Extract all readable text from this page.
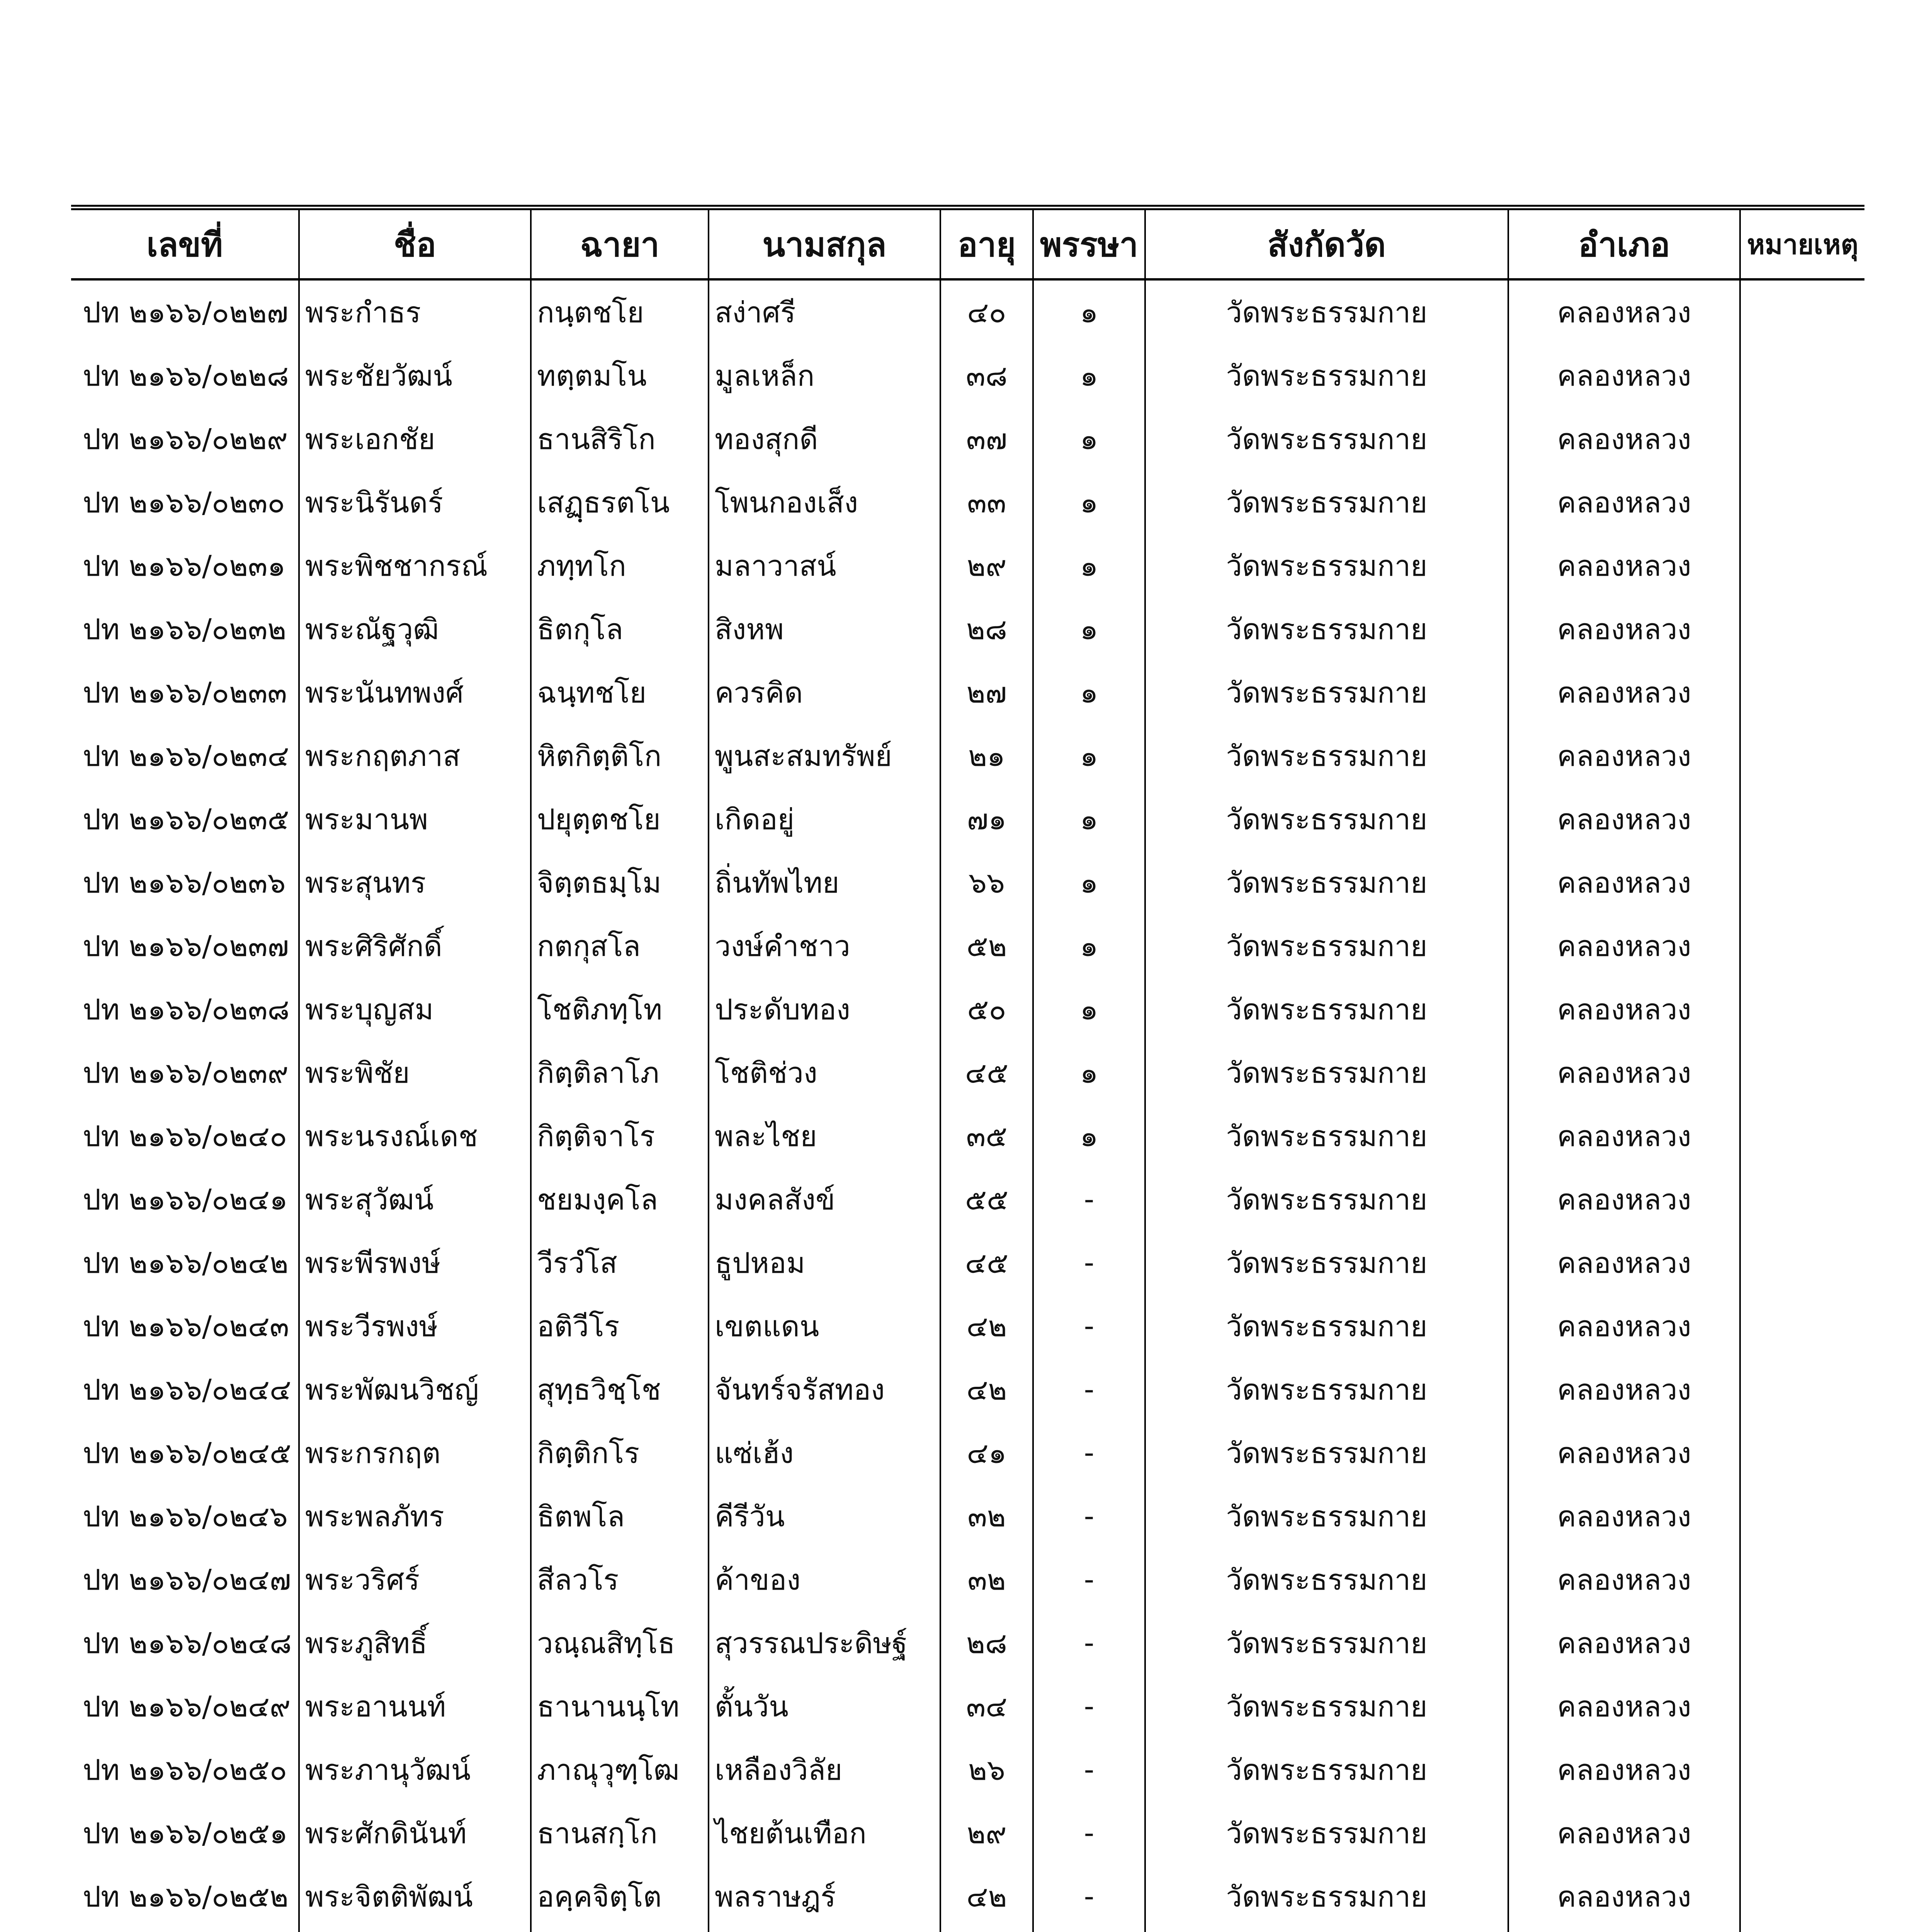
เลขที่	ชื่อ	ฉายา	นามสกุล	อายุ	พรรษา	สังกัดวัด	อำเภอ	หมายเหตุ
ปท ๒๑๖๖/๐๒๒๗	พระกำธร	กนฺตชโย	สง่าศรี	๔๐	๑	วัดพระธรรมกาย	คลองหลวง	
ปท ๒๑๖๖/๐๒๒๘	พระชัยวัฒน์	ทตฺตมโน	มูลเหล็ก	๓๘	๑	วัดพระธรรมกาย	คลองหลวง	
ปท ๒๑๖๖/๐๒๒๙	พระเอกชัย	ธานสิริโก	ทองสุกดี	๓๗	๑	วัดพระธรรมกาย	คลองหลวง	
ปท ๒๑๖๖/๐๒๓๐	พระนิรันดร์	เสฏฺธรตโน	โพนกองเส็ง	๓๓	๑	วัดพระธรรมกาย	คลองหลวง	
ปท ๒๑๖๖/๐๒๓๑	พระพิชชากรณ์	ภทฺทโก	มลาวาสน์	๒๙	๑	วัดพระธรรมกาย	คลองหลวง	
ปท ๒๑๖๖/๐๒๓๒	พระณัฐวุฒิ	ธิตกุโล	สิงหพ	๒๘	๑	วัดพระธรรมกาย	คลองหลวง	
ปท ๒๑๖๖/๐๒๓๓	พระนันทพงศ์	ฉนฺทชโย	ควรคิด	๒๗	๑	วัดพระธรรมกาย	คลองหลวง	
ปท ๒๑๖๖/๐๒๓๔	พระกฤตภาส	หิตกิตฺติโก	พูนสะสมทรัพย์	๒๑	๑	วัดพระธรรมกาย	คลองหลวง	
ปท ๒๑๖๖/๐๒๓๕	พระมานพ	ปยุตฺตชโย	เกิดอยู่	๗๑	๑	วัดพระธรรมกาย	คลองหลวง	
ปท ๒๑๖๖/๐๒๓๖	พระสุนทร	จิตฺตธมฺโม	ถิ่นทัพไทย	๖๖	๑	วัดพระธรรมกาย	คลองหลวง	
ปท ๒๑๖๖/๐๒๓๗	พระศิริศักดิ์	กตกุสโล	วงษ์คำชาว	๕๒	๑	วัดพระธรรมกาย	คลองหลวง	
ปท ๒๑๖๖/๐๒๓๘	พระบุญสม	โชติภทฺโท	ประดับทอง	๕๐	๑	วัดพระธรรมกาย	คลองหลวง	
ปท ๒๑๖๖/๐๒๓๙	พระพิชัย	กิตฺติลาโภ	โชติช่วง	๔๕	๑	วัดพระธรรมกาย	คลองหลวง	
ปท ๒๑๖๖/๐๒๔๐	พระนรงณ์เดช	กิตฺติจาโร	พละไชย	๓๕	๑	วัดพระธรรมกาย	คลองหลวง	
ปท ๒๑๖๖/๐๒๔๑	พระสุวัฒน์	ชยมงฺคโล	มงคลสังข์	๕๕	-	วัดพระธรรมกาย	คลองหลวง	
ปท ๒๑๖๖/๐๒๔๒	พระพีรพงษ์	วีรวํโส	ธูปหอม	๔๕	-	วัดพระธรรมกาย	คลองหลวง	
ปท ๒๑๖๖/๐๒๔๓	พระวีรพงษ์	อติวีโร	เขตแดน	๔๒	-	วัดพระธรรมกาย	คลองหลวง	
ปท ๒๑๖๖/๐๒๔๔	พระพัฒนวิชญ์	สุทฺธวิชฺโช	จันทร์จรัสทอง	๔๒	-	วัดพระธรรมกาย	คลองหลวง	
ปท ๒๑๖๖/๐๒๔๕	พระกรกฤต	กิตฺติกโร	แซ่เฮ้ง	๔๑	-	วัดพระธรรมกาย	คลองหลวง	
ปท ๒๑๖๖/๐๒๔๖	พระพลภัทร	ธิตพโล	คีรีวัน	๓๒	-	วัดพระธรรมกาย	คลองหลวง	
ปท ๒๑๖๖/๐๒๔๗	พระวริศร์	สีลวโร	ค้าของ	๓๒	-	วัดพระธรรมกาย	คลองหลวง	
ปท ๒๑๖๖/๐๒๔๘	พระภูสิทธิ์	วณฺณสิทฺโธ	สุวรรณประดิษฐ์	๒๘	-	วัดพระธรรมกาย	คลองหลวง	
ปท ๒๑๖๖/๐๒๔๙	พระอานนท์	ธานานนฺโท	ตั้นวัน	๓๔	-	วัดพระธรรมกาย	คลองหลวง	
ปท ๒๑๖๖/๐๒๕๐	พระภานุวัฒน์	ภาณุวุฑฺโฒ	เหลืองวิลัย	๒๖	-	วัดพระธรรมกาย	คลองหลวง	
ปท ๒๑๖๖/๐๒๕๑	พระศักดินันท์	ธานสกฺโก	ไชยต้นเทือก	๒๙	-	วัดพระธรรมกาย	คลองหลวง	
ปท ๒๑๖๖/๐๒๕๒	พระจิตติพัฒน์	อคฺคจิตฺโต	พลราษฎร์	๔๒	-	วัดพระธรรมกาย	คลองหลวง	
